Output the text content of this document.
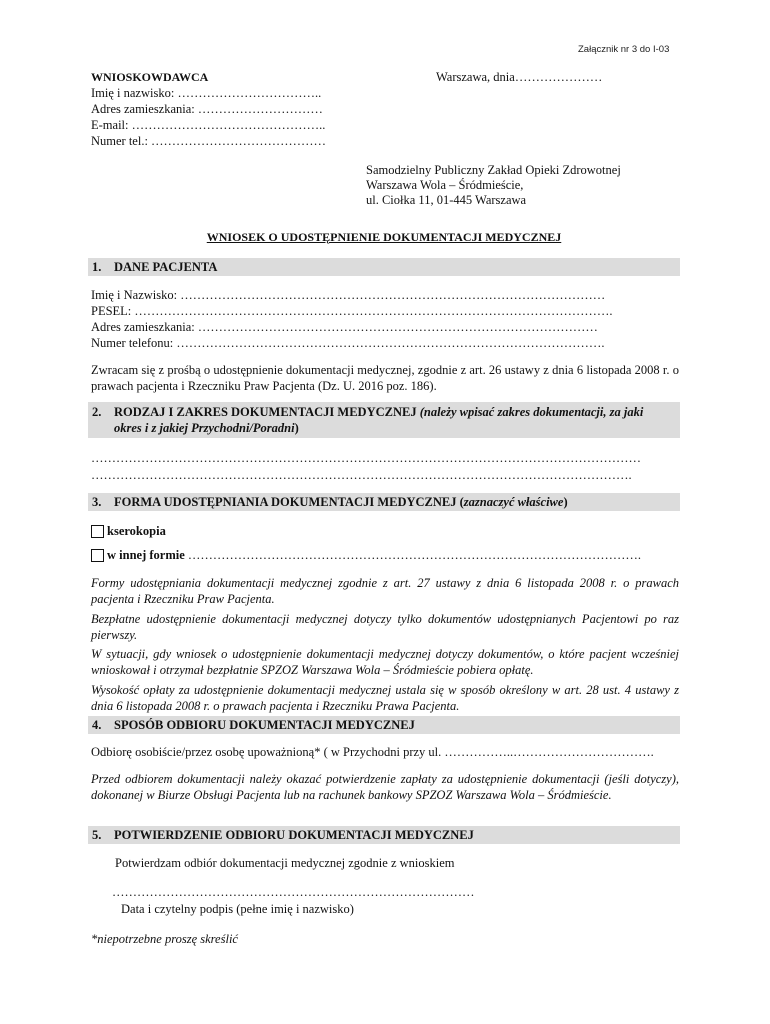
Załącznik nr 3 do I-03
WNIOSKOWDAWCA
Imię i nazwisko: ……………………………..
Adres zamieszkania: …………………………
E-mail: ………………………………………..
Numer tel.: ……………………………………
Warszawa, dnia…………………
Samodzielny Publiczny Zakład Opieki Zdrowotnej
Warszawa Wola – Śródmieście,
ul. Ciołka 11, 01-445 Warszawa
WNIOSEK O UDOSTĘPNIENIE DOKUMENTACJI MEDYCZNEJ
1. DANE PACJENTA
Imię i Nazwisko: …………………………………………………………………………………………
PESEL: …………………………………………………………………………………………………….
Adres zamieszkania: ……………………………………………………………………………………
Numer telefonu: ………………………………………………………………………………………….
Zwracam się z prośbą o udostępnienie dokumentacji medycznej, zgodnie z art. 26 ustawy z dnia 6 listopada 2008 r. o prawach pacjenta i Rzeczniku Praw Pacjenta (Dz. U. 2016 poz. 186).
2. RODZAJ I ZAKRES DOKUMENTACJI MEDYCZNEJ (należy wpisać zakres dokumentacji, za jaki
okres i z jakiej Przychodni/Poradni)
……………………………………………………………………………………………………………………
………………………………………………………………………………………………………………….
3. FORMA UDOSTĘPNIANIA DOKUMENTACJI MEDYCZNEJ (zaznaczyć właściwe)
kserokopia
w innej formie ……………………………………………………………………………………………….
Formy udostępniania dokumentacji medycznej zgodnie z art. 27 ustawy z dnia 6 listopada 2008 r. o prawach pacjenta i Rzeczniku Praw Pacjenta.
Bezpłatne udostępnienie dokumentacji medycznej dotyczy tylko dokumentów udostępnianych Pacjentowi po raz pierwszy.
W sytuacji, gdy wniosek o udostępnienie dokumentacji medycznej dotyczy dokumentów, o które pacjent wcześniej wnioskował i otrzymał bezpłatnie SPZOZ Warszawa Wola – Śródmieście pobiera opłatę.
Wysokość opłaty za udostępnienie dokumentacji medycznej ustala się w sposób określony w art. 28 ust. 4 ustawy z dnia 6 listopada 2008 r. o prawach pacjenta i Rzeczniku Prawa Pacjenta.
4. SPOSÓB ODBIORU DOKUMENTACJI MEDYCZNEJ
Odbiorę osobiście/przez osobę upoważnioną* ( w Przychodni przy ul. ……………..…………………………….
Przed odbiorem dokumentacji należy okazać potwierdzenie zapłaty za udostępnienie dokumentacji (jeśli dotyczy), dokonanej w Biurze Obsługi Pacjenta lub na rachunek bankowy SPZOZ Warszawa Wola – Śródmieście.
5. POTWIERDZENIE ODBIORU DOKUMENTACJI MEDYCZNEJ
Potwierdzam odbiór dokumentacji medycznej zgodnie z wnioskiem
……………………………………………………………………………
Data i czytelny podpis (pełne imię i nazwisko)
*niepotrzebne proszę skreślić
